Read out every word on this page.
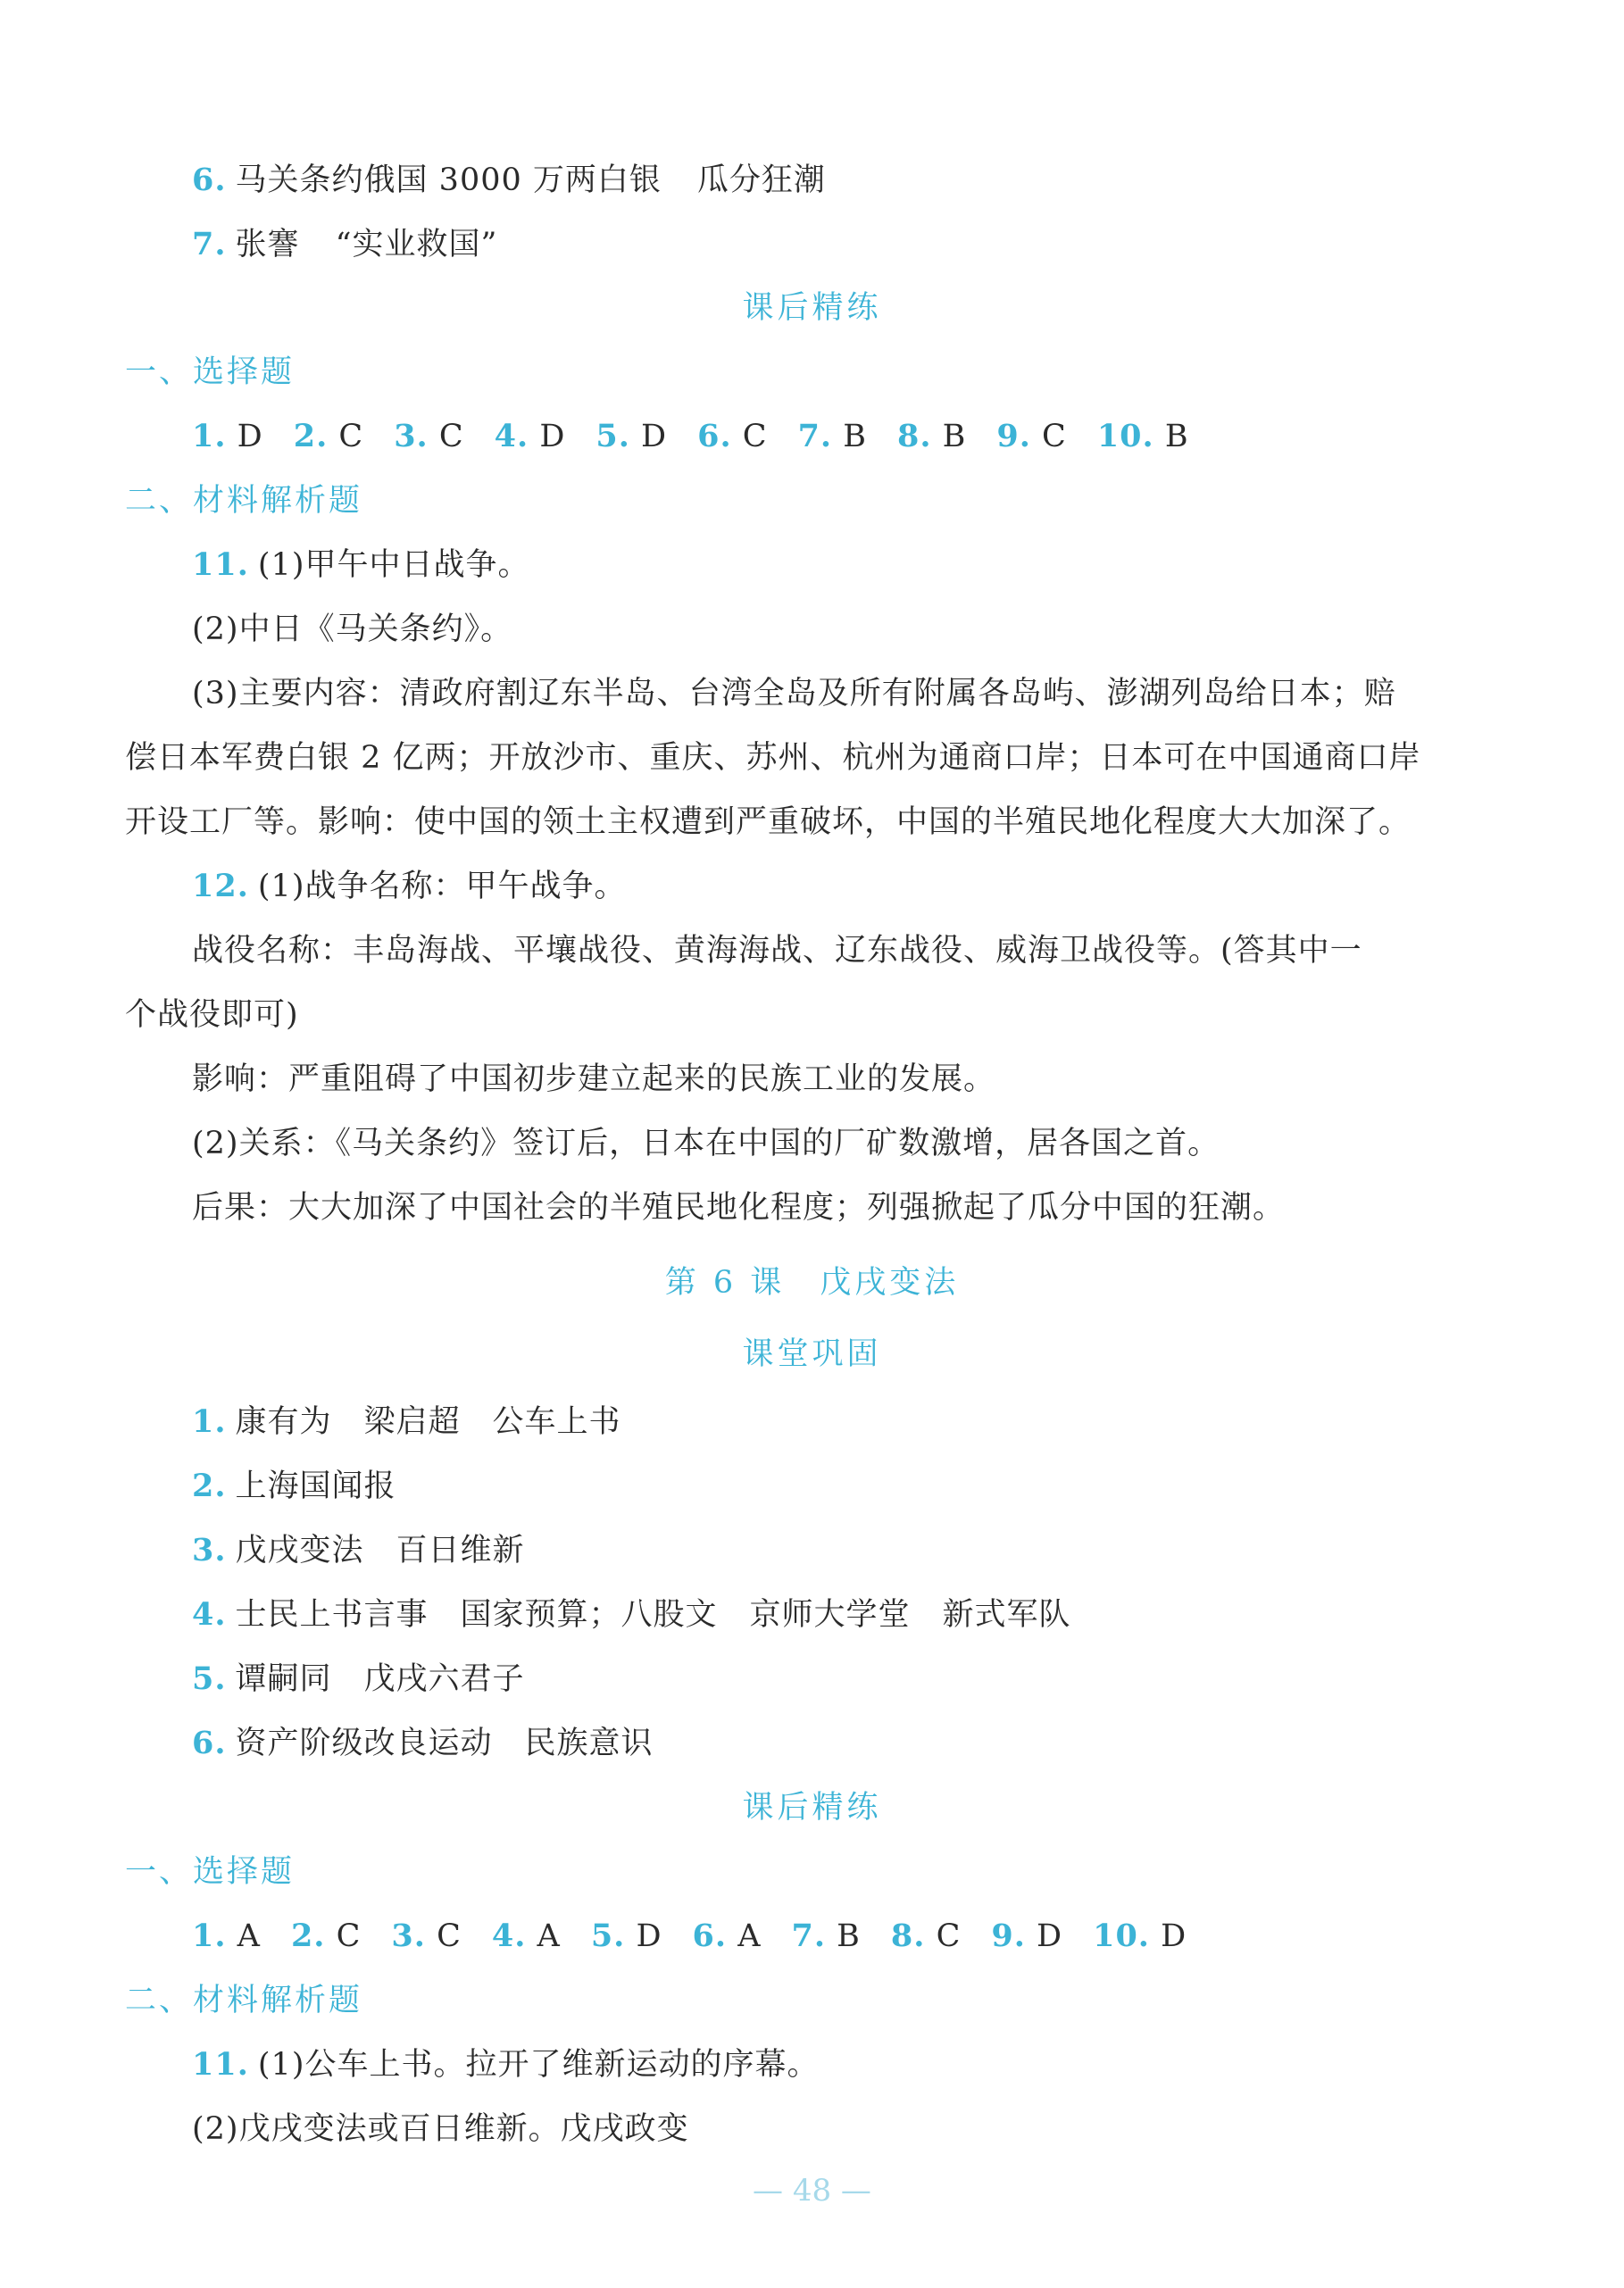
6. 马关条约俄国 3000 万两白银 瓜分狂潮
7. 张謇 “实业救国”
课后精练
一、选择题
1. D 2. C 3. C 4. D 5. D 6. C 7. B 8. B 9. C 10. B
二、材料解析题
11. (1)甲午中日战争。
(2)中日《马关条约》。
(3)主要内容：清政府割辽东半岛、台湾全岛及所有附属各岛屿、澎湖列岛给日本；赔
偿日本军费白银 2 亿两；开放沙市、重庆、苏州、杭州为通商口岸；日本可在中国通商口岸
开设工厂等。影响：使中国的领土主权遭到严重破坏，中国的半殖民地化程度大大加深了。
12. (1)战争名称：甲午战争。
战役名称：丰岛海战、平壤战役、黄海海战、辽东战役、威海卫战役等。(答其中一
个战役即可)
影响：严重阻碍了中国初步建立起来的民族工业的发展。
(2)关系：《马关条约》签订后，日本在中国的厂矿数激增，居各国之首。
后果：大大加深了中国社会的半殖民地化程度；列强掀起了瓜分中国的狂潮。
第 6 课　戊戌变法
课堂巩固
1. 康有为　梁启超　公车上书
2. 上海国闻报
3. 戊戌变法　百日维新
4. 士民上书言事　国家预算；八股文　京师大学堂　新式军队
5. 谭嗣同　戊戌六君子
6. 资产阶级改良运动　民族意识
课后精练
一、选择题
1. A 2. C 3. C 4. A 5. D 6. A 7. B 8. C 9. D 10. D
二、材料解析题
11. (1)公车上书。拉开了维新运动的序幕。
(2)戊戌变法或百日维新。戊戌政变
— 48 —
